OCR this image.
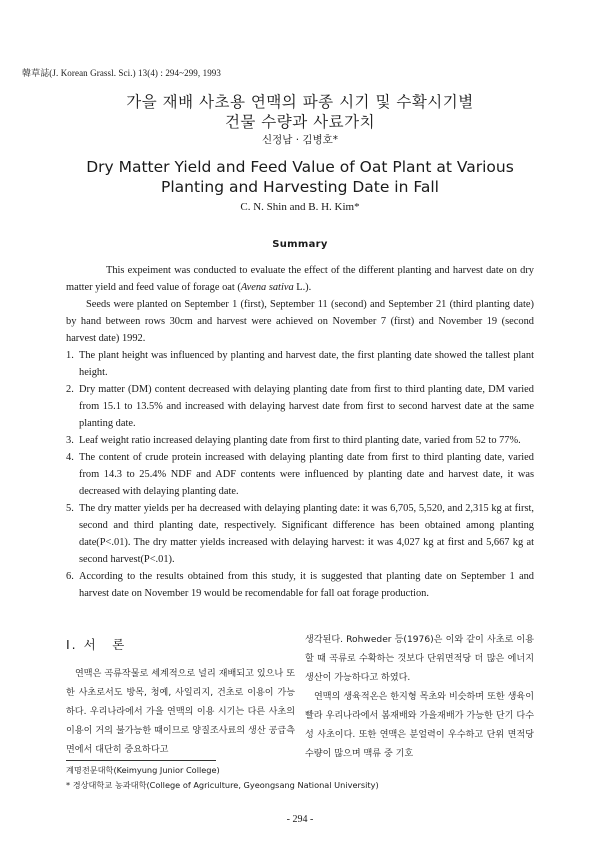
韓草誌(J. Korean Grassl. Sci.) 13(4) : 294~299, 1993
가을 재배 사초용 연맥의 파종 시기 및 수확시기별
건물 수량과 사료가치
신정남 · 김병호*
Dry Matter Yield and Feed Value of Oat Plant at Various
Planting and Harvesting Date in Fall
C. N. Shin and B. H. Kim*
Summary

This expeiment was conducted to evaluate the effect of the different planting and harvest date on dry matter yield and feed value of forage oat (Avena sativa L.).

Seeds were planted on September 1 (first), September 11 (second) and September 21 (third planting date) by hand between rows 30cm and harvest were achieved on November 7 (first) and November 19 (second harvest date) 1992.

1. The plant height was influenced by planting and harvest date, the first planting date showed the tallest plant height.
2. Dry matter (DM) content decreased with delaying planting date from first to third planting date, DM varied from 15.1 to 13.5% and increased with delaying harvest date from first to second harvest date at the same planting date.
3. Leaf weight ratio increased delaying planting date from first to third planting date, varied from 52 to 77%.
4. The content of crude protein increased with delaying planting date from first to third planting date, varied from 14.3 to 25.4% NDF and ADF contents were influenced by planting date and harvest date, it was decreased with delaying planting date.
5. The dry matter yields per ha decreased with delaying planting date: it was 6,705, 5,520, and 2,315 kg at first, second and third planting date, respectively. Significant difference has been obtained among planting date(P<.01). The dry matter yields increased with delaying harvest: it was 4,027 kg at first and 5,667 kg at second harvest(P<.01).
6. According to the results obtained from this study, it is suggested that planting date on September 1 and harvest date on November 19 would be recomendable for fall oat forage production.
Ⅰ. 서　론

연맥은 곡류작물로 세계적으로 널리 재배되고 있으나 또한 사초로서도 방목, 청예, 사일리지, 건초로 이용이 가능하다. 우리나라에서 가을 연맥의 이용 시기는 다른 사초의 이용이 거의 불가능한 때이므로 양질조사료의 생산 공급측면에서 대단히 중요하다고

생각된다. Rohweder 등(1976)은 이와 같이 사초로 이용할 때 곡류로 수확하는 것보다 단위면적당 더 많은 에너지 생산이 가능하다고 하였다.

연맥의 생육적온은 한지형 목초와 비슷하며 또한 생육이 빨라 우리나라에서 봄재배와 가을재배가 가능한 단기 다수성 사초이다. 또한 연맥은 분얼력이 우수하고 단위 면적당 수량이 많으며 맥류 중 기호

계명전문대학(Keimyung Junior College)
* 경상대학교 농과대학(College of Agriculture, Gyeongsang National University)
- 294 -
